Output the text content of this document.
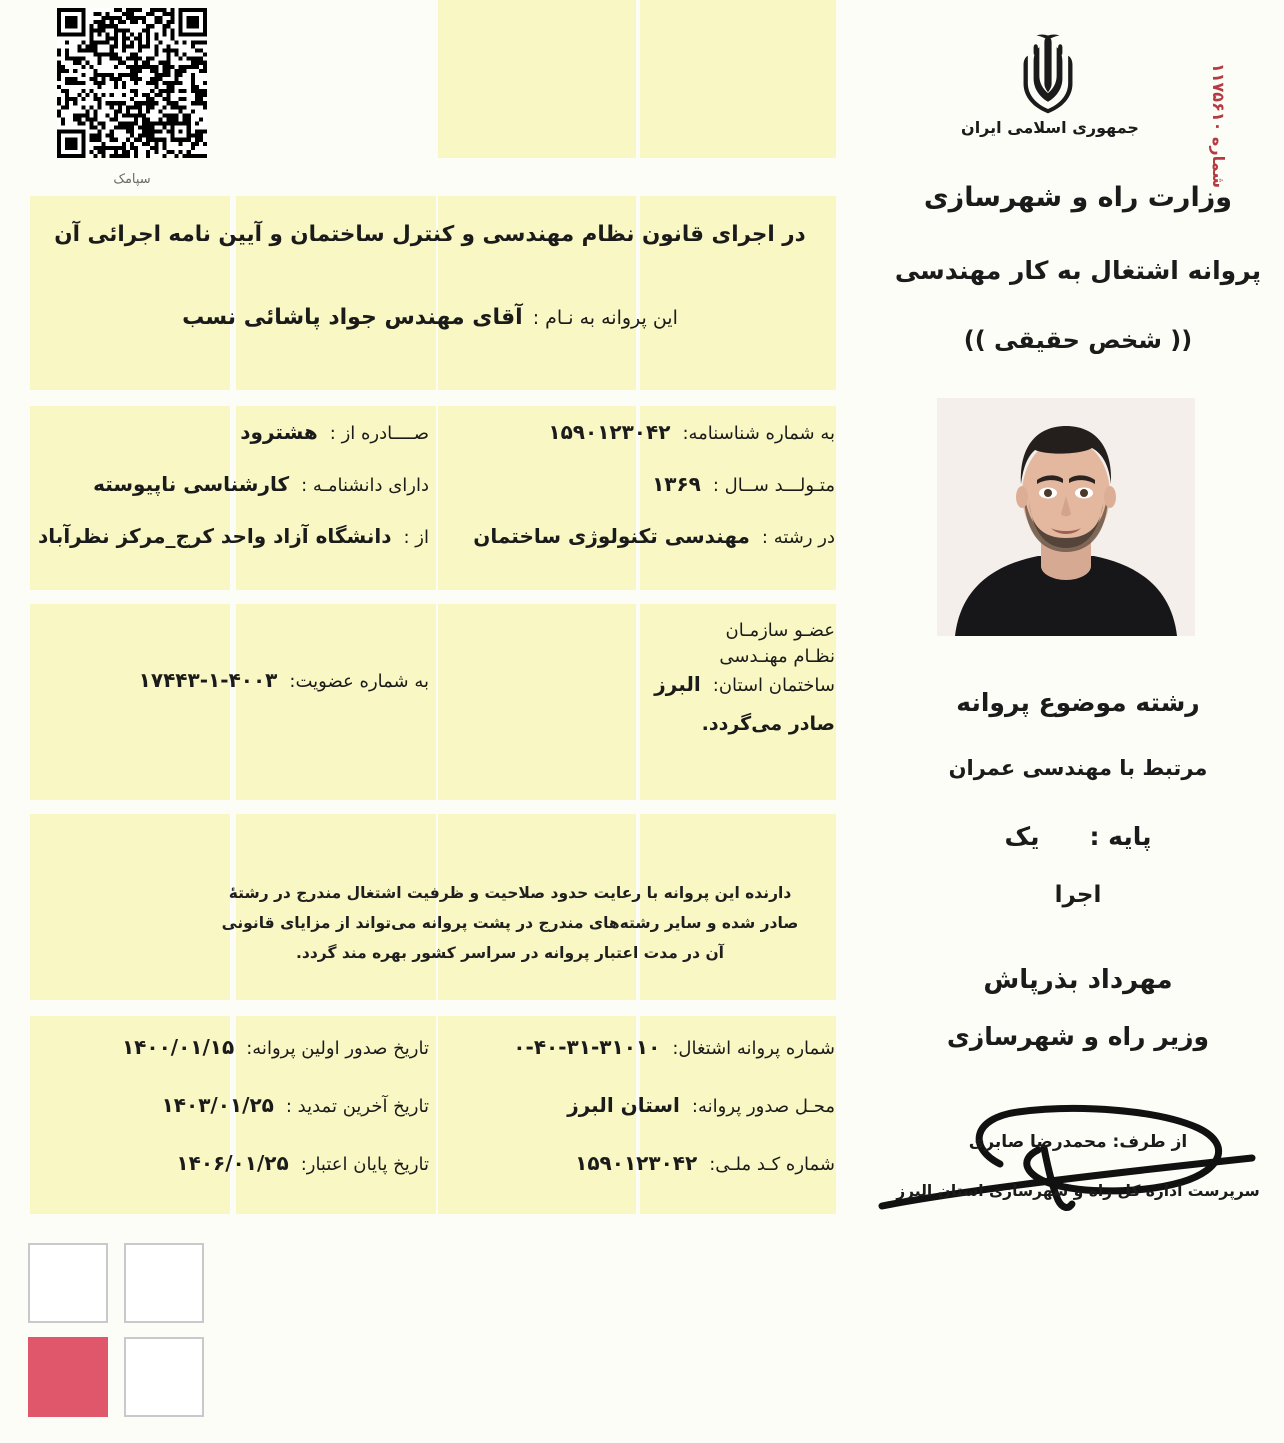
سپامک
در اجرای قانون نظام مهندسی و کنترل ساختمان و آیین نامه اجرائی آن
این پروانه به نـام :آقای مهندس جواد پاشائی نسب
به شماره شناسنامه:۱۵۹۰۱۲۳۰۴۲
متـولـــد ســال :۱۳۶۹
در رشته :مهندسی تکنولوژی ساختمان
صــــادره از :هشترود
دارای دانشنامـه :کارشناسی ناپیوسته
از :دانشگاه آزاد واحد کرج_مرکز نظرآباد
عضـو سازمـان
نظـام مهنـدسی
ساختمان استان:البرز
صادر می‌گردد.
به شماره عضویت:۴۰۰۳-۱-۱۷۴۴۳
دارنده این پروانه با رعایت حدود صلاحیت و ظرفیت اشتغال مندرج در رشتهٔ صادر شده و سایر رشته‌های مندرج در پشت پروانه می‌تواند از مزایای قانونی آن در مدت اعتبار پروانه در سراسر کشور بهره مند گردد.
شماره پروانه اشتغال:۳۱۰۱۰-۳۱-۴۰-۰
محـل صدور پروانه:استان البرز
شماره کـد ملـی:۱۵۹۰۱۲۳۰۴۲
تاریخ صدور اولین پروانه:۱۴۰۰/۰۱/۱۵
تاریخ آخرین تمدید :۱۴۰۳/۰۱/۲۵
تاریخ پایان اعتبار:۱۴۰۶/۰۱/۲۵
شماره ۱۱۷۵۶۱۰
جمهوری اسلامی ایران
وزارت راه و شهرسازی
پروانه اشتغال به کار مهندسی
(( شخص حقیقی ))
رشته موضوع پروانه
مرتبط با مهندسی عمران
پایه :یک
اجرا
مهرداد بذرپاش
وزیر راه و شهرسازی
از طرف: محمدرضا صابری
سرپرست اداره کل راه و شهرسازی استان البرز
